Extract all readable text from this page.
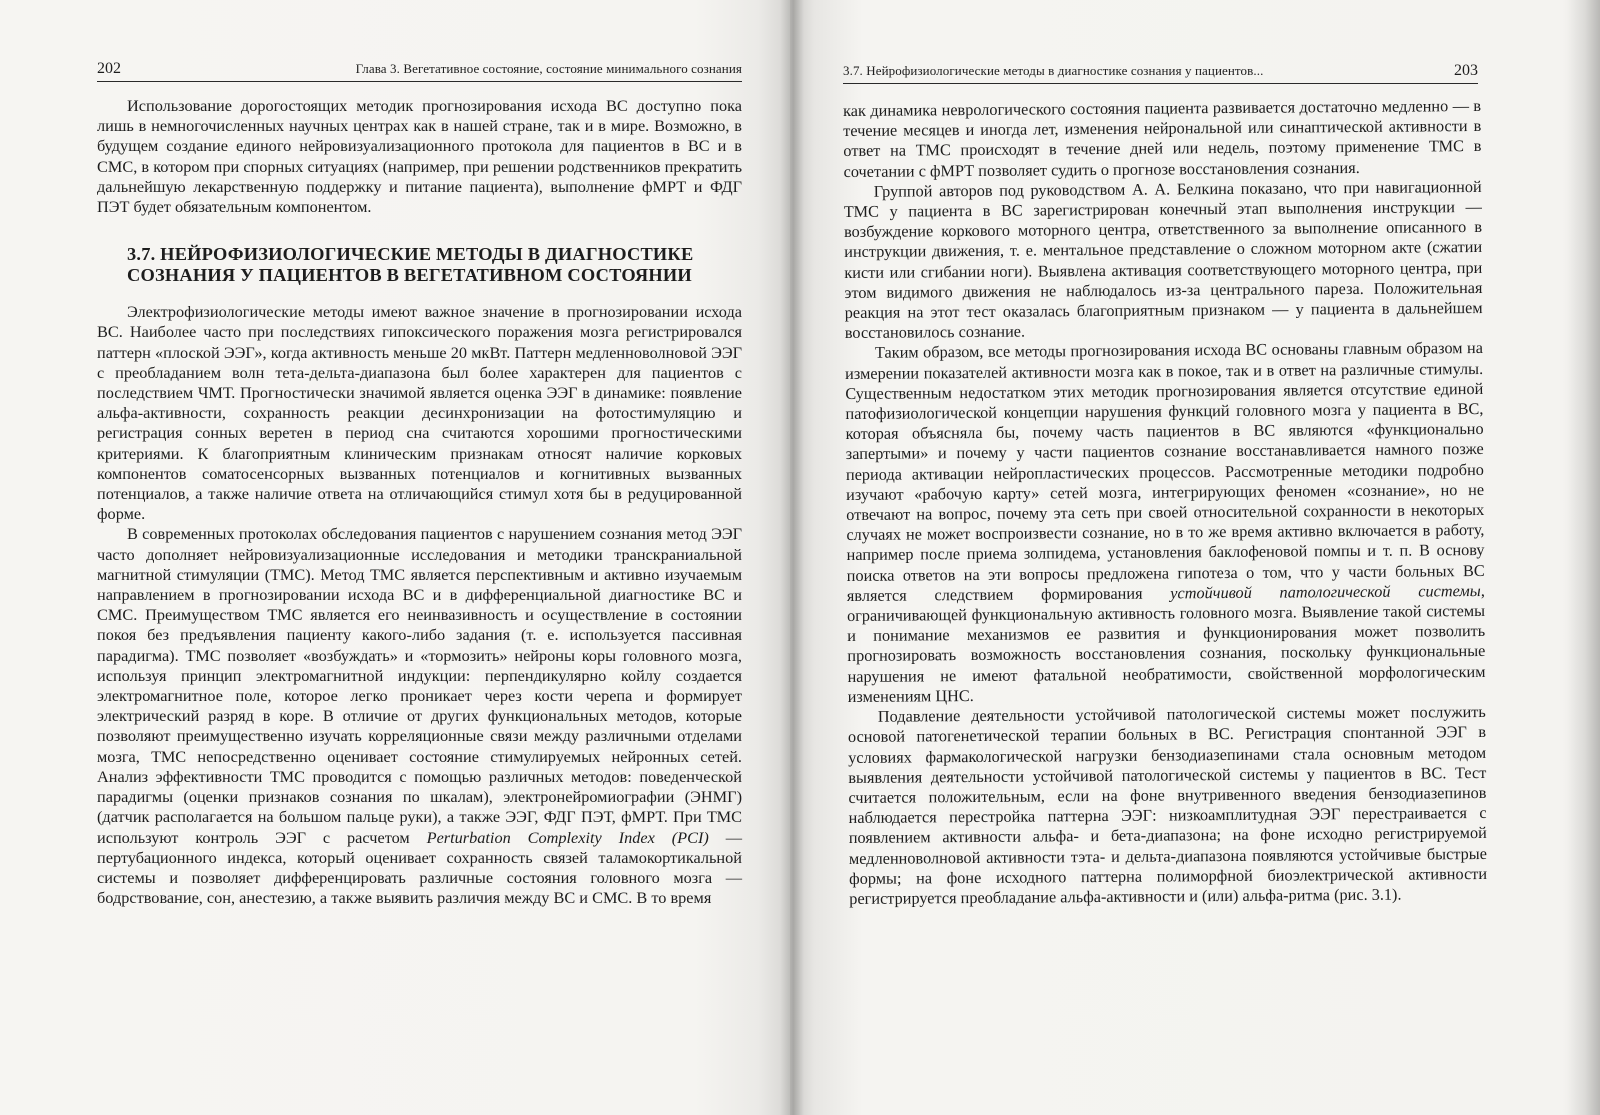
202	Глава 3. Вегетативное состояние, состояние минимального сознания

Использование дорогостоящих методик прогнозирования исхода ВС доступно пока лишь в немногочисленных научных центрах как в нашей стране, так и в мире. Возможно, в будущем создание единого нейровизуализационного протокола для пациентов в ВС и в СМС, в котором при спорных ситуациях (например, при решении родственников прекратить дальнейшую лекарственную поддержку и питание пациента), выполнение фМРТ и ФДГ ПЭТ будет обязательным компонентом.

3.7. НЕЙРОФИЗИОЛОГИЧЕСКИЕ МЕТОДЫ В ДИАГНОСТИКЕ
СОЗНАНИЯ У ПАЦИЕНТОВ В ВЕГЕТАТИВНОМ СОСТОЯНИИ

Электрофизиологические методы имеют важное значение в прогнозировании исхода ВС. Наиболее часто при последствиях гипоксического поражения мозга регистрировался паттерн «плоской ЭЭГ», когда активность меньше 20 мкВт. Паттерн медленноволновой ЭЭГ с преобладанием волн тета-дельта-диапазона был более характерен для пациентов с последствием ЧМТ. Прогностически значимой является оценка ЭЭГ в динамике: появление альфа-активности, сохранность реакции десинхронизации на фотостимуляцию и регистрация сонных веретен в период сна считаются хорошими прогностическими критериями. К благоприятным клиническим признакам относят наличие корковых компонентов соматосенсорных вызванных потенциалов и когнитивных вызванных потенциалов, а также наличие ответа на отличающийся стимул хотя бы в редуцированной форме.

В современных протоколах обследования пациентов с нарушением сознания метод ЭЭГ часто дополняет нейровизуализационные исследования и методики транскраниальной магнитной стимуляции (ТМС). Метод ТМС является перспективным и активно изучаемым направлением в прогнозировании исхода ВС и в дифференциальной диагностике ВС и СМС. Преимуществом ТМС является его неинвазивность и осуществление в состоянии покоя без предъявления пациенту какого-либо задания (т. е. используется пассивная парадигма). ТМС позволяет «возбуждать» и «тормозить» нейроны коры головного мозга, используя принцип электромагнитной индукции: перпендикулярно койлу создается электромагнитное поле, которое легко проникает через кости черепа и формирует электрический разряд в коре. В отличие от других функциональных методов, которые позволяют преимущественно изучать корреляционные связи между различными отделами мозга, ТМС непосредственно оценивает состояние стимулируемых нейронных сетей. Анализ эффективности ТМС проводится с помощью различных методов: поведенческой парадигмы (оценки признаков сознания по шкалам), электронейромиографии (ЭНМГ) (датчик располагается на большом пальце руки), а также ЭЭГ, ФДГ ПЭТ, фМРТ. При ТМС используют контроль ЭЭГ с расчетом Perturbation Complexity Index (PCI) — пертубационного индекса, который оценивает сохранность связей таламокортикальной системы и позволяет дифференцировать различные состояния головного мозга — бодрствование, сон, анестезию, а также выявить различия между ВС и СМС. В то время

3.7. Нейрофизиологические методы в диагностике сознания у пациентов...	203

как динамика неврологического состояния пациента развивается достаточно медленно — в течение месяцев и иногда лет, изменения нейрональной или синаптической активности в ответ на ТМС происходят в течение дней или недель, поэтому применение ТМС в сочетании с фМРТ позволяет судить о прогнозе восстановления сознания.

Группой авторов под руководством А. А. Белкина показано, что при навигационной ТМС у пациента в ВС зарегистрирован конечный этап выполнения инструкции — возбуждение коркового моторного центра, ответственного за выполнение описанного в инструкции движения, т. е. ментальное представление о сложном моторном акте (сжатии кисти или сгибании ноги). Выявлена активация соответствующего моторного центра, при этом видимого движения не наблюдалось из-за центрального пареза. Положительная реакция на этот тест оказалась благоприятным признаком — у пациента в дальнейшем восстановилось сознание.

Таким образом, все методы прогнозирования исхода ВС основаны главным образом на измерении показателей активности мозга как в покое, так и в ответ на различные стимулы. Существенным недостатком этих методик прогнозирования является отсутствие единой патофизиологической концепции нарушения функций головного мозга у пациента в ВС, которая объясняла бы, почему часть пациентов в ВС являются «функционально запертыми» и почему у части пациентов сознание восстанавливается намного позже периода активации нейропластических процессов. Рассмотренные методики подробно изучают «рабочую карту» сетей мозга, интегрирующих феномен «сознание», но не отвечают на вопрос, почему эта сеть при своей относительной сохранности в некоторых случаях не может воспроизвести сознание, но в то же время активно включается в работу, например после приема золпидема, установления баклофеновой помпы и т. п. В основу поиска ответов на эти вопросы предложена гипотеза о том, что у части больных ВС является следствием формирования устойчивой патологической системы, ограничивающей функциональную активность головного мозга. Выявление такой системы и понимание механизмов ее развития и функционирования может позволить прогнозировать возможность восстановления сознания, поскольку функциональные нарушения не имеют фатальной необратимости, свойственной морфологическим изменениям ЦНС.

Подавление деятельности устойчивой патологической системы может послужить основой патогенетической терапии больных в ВС. Регистрация спонтанной ЭЭГ в условиях фармакологической нагрузки бензодиазепинами стала основным методом выявления деятельности устойчивой патологической системы у пациентов в ВС. Тест считается положительным, если на фоне внутривенного введения бензодиазепинов наблюдается перестройка паттерна ЭЭГ: низкоамплитудная ЭЭГ перестраивается с появлением активности альфа- и бета-диапазона; на фоне исходно регистрируемой медленноволновой активности тэта- и дельта-диапазона появляются устойчивые быстрые формы; на фоне исходного паттерна полиморфной биоэлектрической активности регистрируется преобладание альфа-активности и (или) альфа-ритма (рис. 3.1).
